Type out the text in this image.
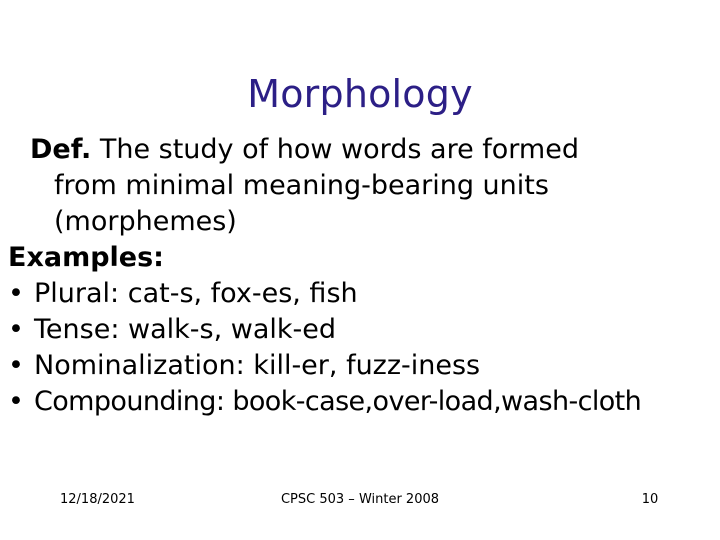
Morphology
Def. The study of how words are formed
from minimal meaning-bearing units
(morphemes)
Examples:
• Plural: cat-s, fox-es, fish
• Tense: walk-s, walk-ed
• Nominalization: kill-er, fuzz-iness
• Compounding: book-case,over-load,wash-cloth
12/18/2021	CPSC 503 – Winter 2008	10
